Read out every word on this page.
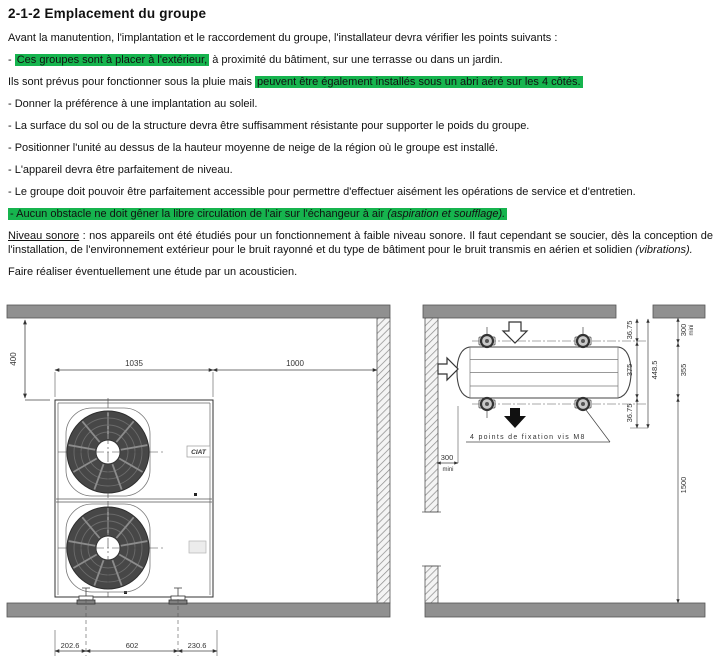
2-1-2 Emplacement du groupe

Avant la manutention, l'implantation et le raccordement du groupe, l'installateur devra vérifier les points suivants :

- Ces groupes sont à placer à l'extérieur, à proximité du bâtiment, sur une terrasse ou dans un jardin.

Ils sont prévus pour fonctionner sous la pluie mais peuvent être également installés sous un abri aéré sur les 4 côtés.

- Donner la préférence à une implantation au soleil.

- La surface du sol ou de la structure devra être suffisamment résistante pour supporter le poids du groupe.

- Positionner l'unité au dessus de la hauteur moyenne de neige de la région où le groupe est installé.

- L'appareil devra être parfaitement de niveau.

- Le groupe doit pouvoir être parfaitement accessible pour permettre d'effectuer aisément les opérations de service et d'entretien.

- Aucun obstacle ne doit gêner la libre circulation de l'air sur l'échangeur à air (aspiration et soufflage).

Niveau sonore : nos appareils ont été étudiés pour un fonctionnement à faible niveau sonore. Il faut cependant se soucier, dès la conception de l'installation, de l'environnement extérieur pour le bruit rayonné et du type de bâtiment pour le bruit transmis en aérien et solidien (vibrations).

Faire réaliser éventuellement une étude par un acousticien.

400	1035	1000
CIAT
202.6	602	230.6
4 points de fixation vis M8
36.75
375
36.75
448.5
300 mini
355
1500
300
mini
